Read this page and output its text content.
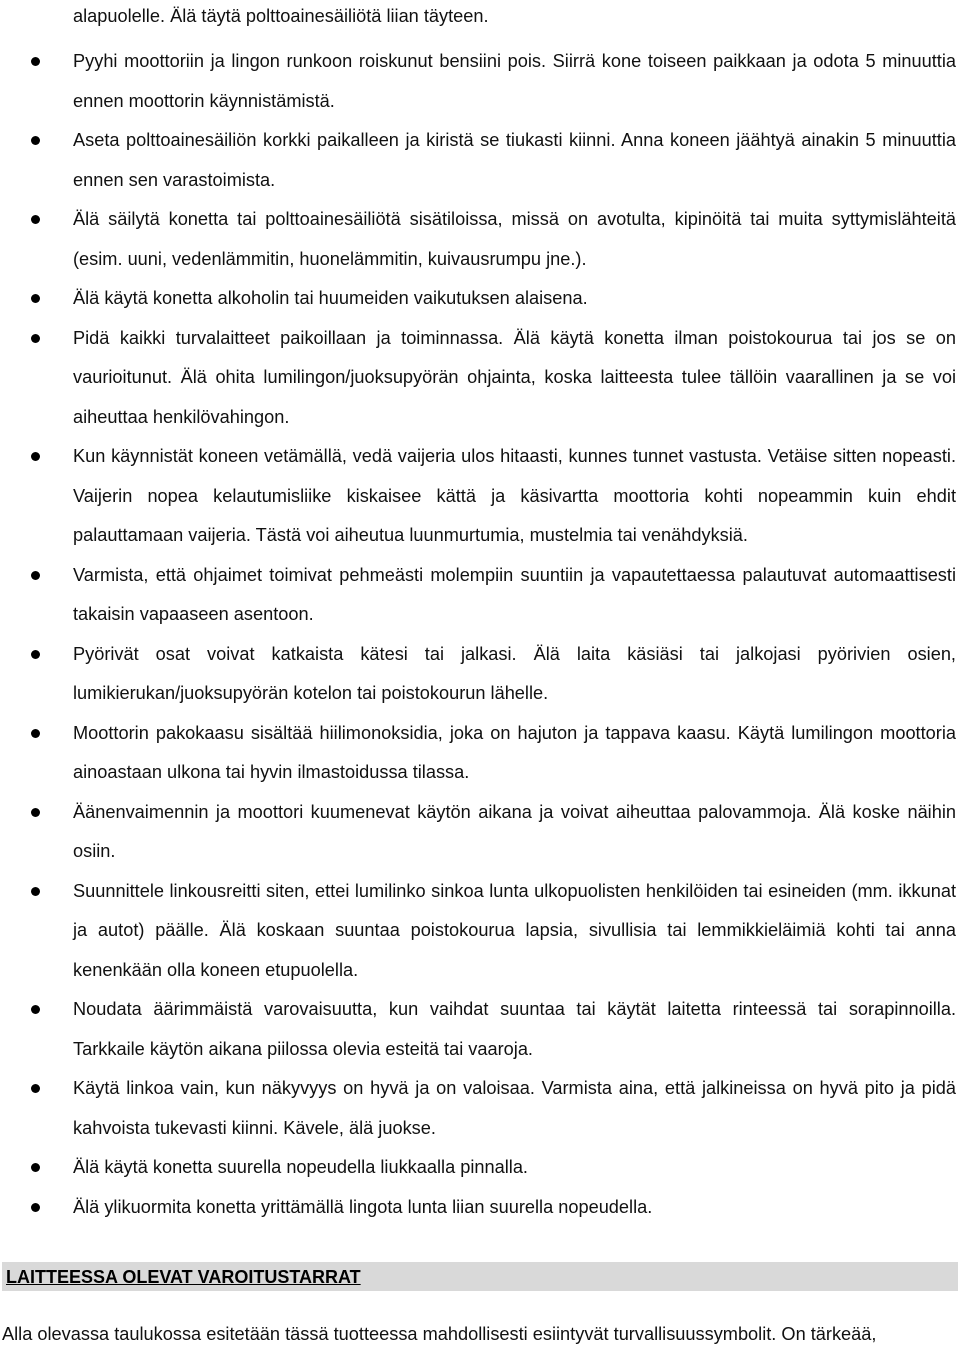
alapuolelle. Älä täytä polttoainesäiliötä liian täyteen.

Pyyhi moottoriin ja lingon runkoon roiskunut bensiini pois. Siirrä kone toiseen paikkaan ja odota 5 minuuttia ennen moottorin käynnistämistä.
Aseta polttoainesäiliön korkki paikalleen ja kiristä se tiukasti kiinni. Anna koneen jäähtyä ainakin 5 minuuttia ennen sen varastoimista.
Älä säilytä konetta tai polttoainesäiliötä sisätiloissa, missä on avotulta, kipinöitä tai muita syttymislähteitä (esim. uuni, vedenlämmitin, huonelämmitin, kuivausrumpu jne.).
Älä käytä konetta alkoholin tai huumeiden vaikutuksen alaisena.
Pidä kaikki turvalaitteet paikoillaan ja toiminnassa. Älä käytä konetta ilman poistokourua tai jos se on vaurioitunut. Älä ohita lumilingon/juoksupyörän ohjainta, koska laitteesta tulee tällöin vaarallinen ja se voi aiheuttaa henkilövahingon.
Kun käynnistät koneen vetämällä, vedä vaijeria ulos hitaasti, kunnes tunnet vastusta. Vetäise sitten nopeasti. Vaijerin nopea kelautumisliike kiskaisee kättä ja käsivartta moottoria kohti nopeammin kuin ehdit palauttamaan vaijeria. Tästä voi aiheutua luunmurtumia, mustelmia tai venähdyksiä.
Varmista, että ohjaimet toimivat pehmeästi molempiin suuntiin ja vapautettaessa palautuvat automaattisesti takaisin vapaaseen asentoon.
Pyörivät osat voivat katkaista kätesi tai jalkasi. Älä laita käsiäsi tai jalkojasi pyörivien osien, lumikierukan/juoksupyörän kotelon tai poistokourun lähelle.
Moottorin pakokaasu sisältää hiilimonoksidia, joka on hajuton ja tappava kaasu. Käytä lumilingon moottoria ainoastaan ulkona tai hyvin ilmastoidussa tilassa.
Äänenvaimennin ja moottori kuumenevat käytön aikana ja voivat aiheuttaa palovammoja. Älä koske näihin osiin.
Suunnittele linkousreitti siten, ettei lumilinko sinkoa lunta ulkopuolisten henkilöiden tai esineiden (mm. ikkunat ja autot) päälle. Älä koskaan suuntaa poistokourua lapsia, sivullisia tai lemmikkieläimiä kohti tai anna kenenkään olla koneen etupuolella.
Noudata äärimmäistä varovaisuutta, kun vaihdat suuntaa tai käytät laitetta rinteessä tai sorapinnoilla. Tarkkaile käytön aikana piilossa olevia esteitä tai vaaroja.
Käytä linkoa vain, kun näkyvyys on hyvä ja on valoisaa. Varmista aina, että jalkineissa on hyvä pito ja pidä kahvoista tukevasti kiinni. Kävele, älä juokse.
Älä käytä konetta suurella nopeudella liukkaalla pinnalla.
Älä ylikuormita konetta yrittämällä lingota lunta liian suurella nopeudella.
LAITTEESSA OLEVAT VAROITUSTARRAT

Alla olevassa taulukossa esitetään tässä tuotteessa mahdollisesti esiintyvät turvallisuussymbolit. On tärkeää,
